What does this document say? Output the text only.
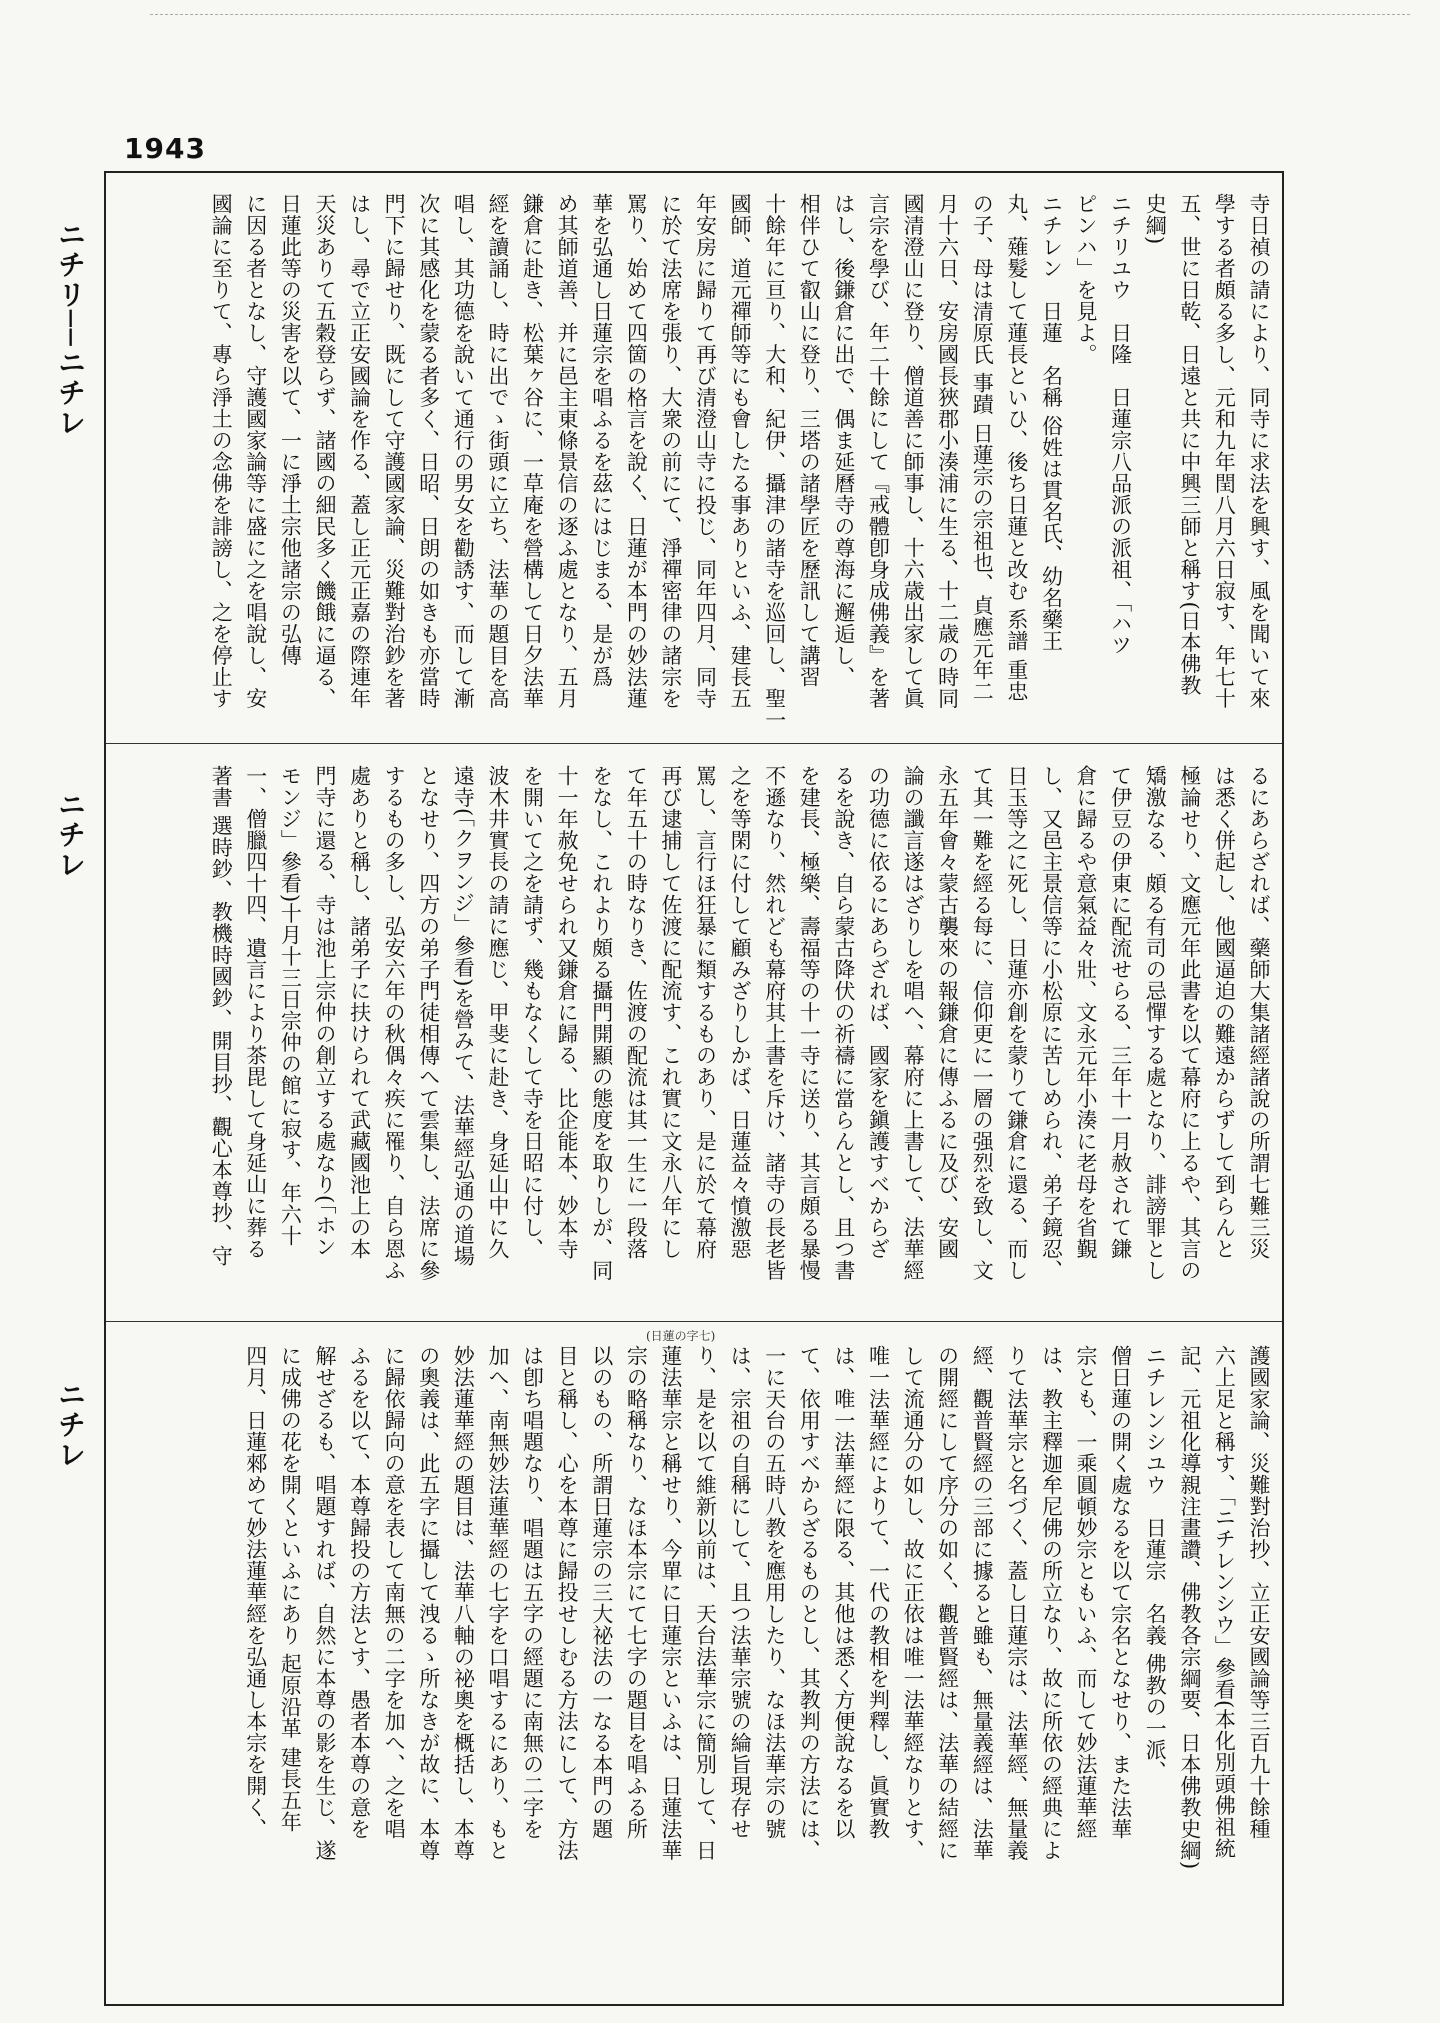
1943
ニチリ──ニチレ
ニチレ
ニチレ
(日蓮の字七)
寺日禎の請により、同寺に求法を興す、風を聞いて來
學する者頗る多し、元和九年閏八月六日寂す、年七十
五、世に日乾、日遠と共に中興三師と稱す(日本佛教
史綱)
ニチリユウ　日隆　日蓮宗八品派の派祖、「ハツ
ピンハ」を見よ。
ニチレン　日蓮　名稱 俗姓は貫名氏、幼名藥王
丸、薙髮して蓮長といひ、後ち日蓮と改む 系譜 重忠
の子、母は清原氏 事蹟 日蓮宗の宗祖也、貞應元年二
月十六日、安房國長狹郡小湊浦に生る、十二歳の時同
國清澄山に登り、僧道善に師事し、十六歳出家して眞
言宗を學び、年二十餘にして『戒體卽身成佛義』を著
はし、後鎌倉に出で、偶ま延曆寺の尊海に邂逅し、
相伴ひて叡山に登り、三塔の諸學匠を歷訊して講習
十餘年に亘り、大和、紀伊、攝津の諸寺を巡回し、聖一
國師、道元禪師等にも會したる事ありといふ、建長五
年安房に歸りて再び清澄山寺に投じ、同年四月、同寺
に於て法席を張り、大衆の前にて、淨禪密律の諸宗を
罵り、始めて四箇の格言を說く、日蓮が本門の妙法蓮
華を弘通し日蓮宗を唱ふるを茲にはじまる、是が爲
め其師道善、并に邑主東條景信の逐ふ處となり、五月
鎌倉に赴き、松葉ヶ谷に、一草庵を營構して日夕法華
經を讀誦し、時に出でゝ街頭に立ち、法華の題目を高
唱し、其功德を說いて通行の男女を勸誘す、而して漸
次に其感化を蒙る者多く、日昭、日朗の如きも亦當時
門下に歸せり、既にして守護國家論、災難對治鈔を著
はし、尋で立正安國論を作る、蓋し正元正嘉の際連年
天災ありて五穀登らず、諸國の細民多く饑餓に逼る、
日蓮此等の災害を以て、一に淨土宗他諸宗の弘傳
に因る者となし、守護國家論等に盛に之を唱說し、安
國論に至りて、專ら淨土の念佛を誹謗し、之を停止す
るにあらざれば、藥師大集諸經諸說の所謂七難三災
は悉く併起し、他國逼迫の難遠からずして到らんと
極論せり、文應元年此書を以て幕府に上るや、其言の
矯激なる、頗る有司の忌憚する處となり、誹謗罪とし
て伊豆の伊東に配流せらる、三年十一月赦されて鎌
倉に歸るや意氣益々壯、文永元年小湊に老母を省覲
し、又邑主景信等に小松原に苦しめられ、弟子鏡忍、
日玉等之に死し、日蓮亦創を蒙りて鎌倉に還る、而し
て其一難を經る每に、信仰更に一層の强烈を致し、文
永五年會々蒙古襲來の報鎌倉に傳ふるに及び、安國
論の讖言遂はざりしを唱へ、幕府に上書して、法華經
の功德に依るにあらざれば、國家を鎭護すべからざ
るを說き、自ら蒙古降伏の祈禱に當らんとし、且つ書
を建長、極樂、壽福等の十一寺に送り、其言頗る暴慢
不遜なり、然れども幕府其上書を斥け、諸寺の長老皆
之を等閑に付して顧みざりしかば、日蓮益々憤激惡
罵し、言行ほ狂暴に類するものあり、是に於て幕府
再び逮捕して佐渡に配流す、これ實に文永八年にし
て年五十の時なりき、佐渡の配流は其一生に一段落
をなし、これより頗る攝門開顯の態度を取りしが、同
十一年赦免せられ又鎌倉に歸る、比企能本、妙本寺
を開いて之を請ず、幾もなくして寺を日昭に付し、
波木井實長の請に應じ、甲斐に赴き、身延山中に久
遠寺(「クヲンジ」參看)を營みて、法華經弘通の道場
となせり、四方の弟子門徒相傳へて雲集し、法席に參
するもの多し、弘安六年の秋偶々疾に罹り、自ら恩ふ
處ありと稱し、諸弟子に扶けられて武藏國池上の本
門寺に還る、寺は池上宗仲の創立する處なり(「ホン
モンジ」參看)十月十三日宗仲の館に寂す、年六十
一、僧臘四十四、遺言により茶毘して身延山に葬る
著書 選時鈔、教機時國鈔、開目抄、觀心本尊抄、守
護國家論、災難對治抄、立正安國論等三百九十餘種
六上足と稱す、「ニチレンシウ」參看(本化別頭佛祖統
記、元祖化導親注畫讚、佛教各宗綱要、日本佛教史綱)
ニチレンシユウ　日蓮宗　名義 佛教の一派、
僧日蓮の開く處なるを以て宗名となせり、また法華
宗とも、一乘圓頓妙宗ともいふ、而して妙法蓮華經
は、教主釋迦牟尼佛の所立なり、故に所依の經典によ
りて法華宗と名づく、蓋し日蓮宗は、法華經、無量義
經、觀普賢經の三部に據ると雖も、無量義經は、法華
の開經にして序分の如く、觀普賢經は、法華の結經に
して流通分の如し、故に正依は唯一法華經なりとす、
唯一法華經によりて、一代の教相を判釋し、眞實教
は、唯一法華經に限る、其他は悉く方便說なるを以
て、依用すべからざるものとし、其教判の方法には、
一に天台の五時八教を應用したり、なほ法華宗の號
は、宗祖の自稱にして、且つ法華宗號の綸旨現存せ
り、是を以て維新以前は、天台法華宗に簡別して、日
蓮法華宗と稱せり、今單に日蓮宗といふは、日蓮法華
宗の略稱なり、なほ本宗にて七字の題目を唱ふる所
以のもの、所謂日蓮宗の三大祕法の一なる本門の題
目と稱し、心を本尊に歸投せしむる方法にして、方法
は卽ち唱題なり、唱題は五字の經題に南無の二字を
加へ、南無妙法蓮華經の七字を口唱するにあり、もと
妙法蓮華經の題目は、法華八軸の祕奧を概括し、本尊
の奧義は、此五字に攝して洩るゝ所なきが故に、本尊
に歸依歸向の意を表して南無の二字を加へ、之を唱
ふるを以て、本尊歸投の方法とす、愚者本尊の意を
解せざるも、唱題すれば、自然に本尊の影を生じ、遂
に成佛の花を開くといふにあり 起原沿革 建長五年
四月、日蓮郲めて妙法蓮華經を弘通し本宗を開く、
